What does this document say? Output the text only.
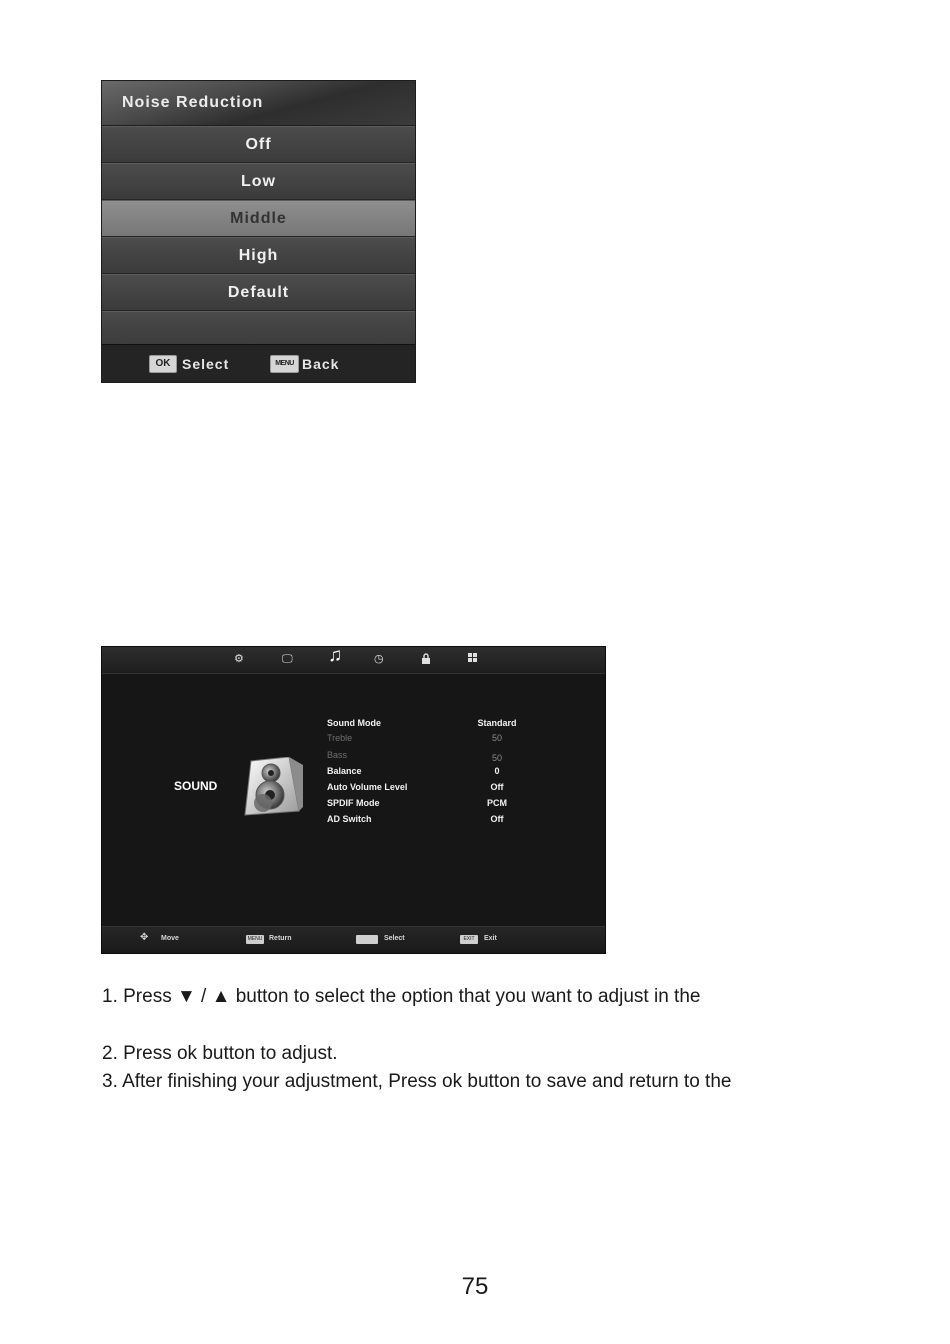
Noise Reduction
Off
Low
Middle
High
Default
OK Select	MENU Back
⚙	🖵 ♫	◷
SOUND
Sound Mode	Standard
Treble	50
Bass	50
Balance	0
Auto Volume Level	Off
SPDIF Mode	PCM
AD Switch	Off
✥ Move	MENU Return	Select	EXIT	Exit
1. Press ▼ / ▲ button to select the option that you want to adjust in the
2. Press ok button to adjust.
3. After finishing your adjustment, Press ok button to save and return to the
75
